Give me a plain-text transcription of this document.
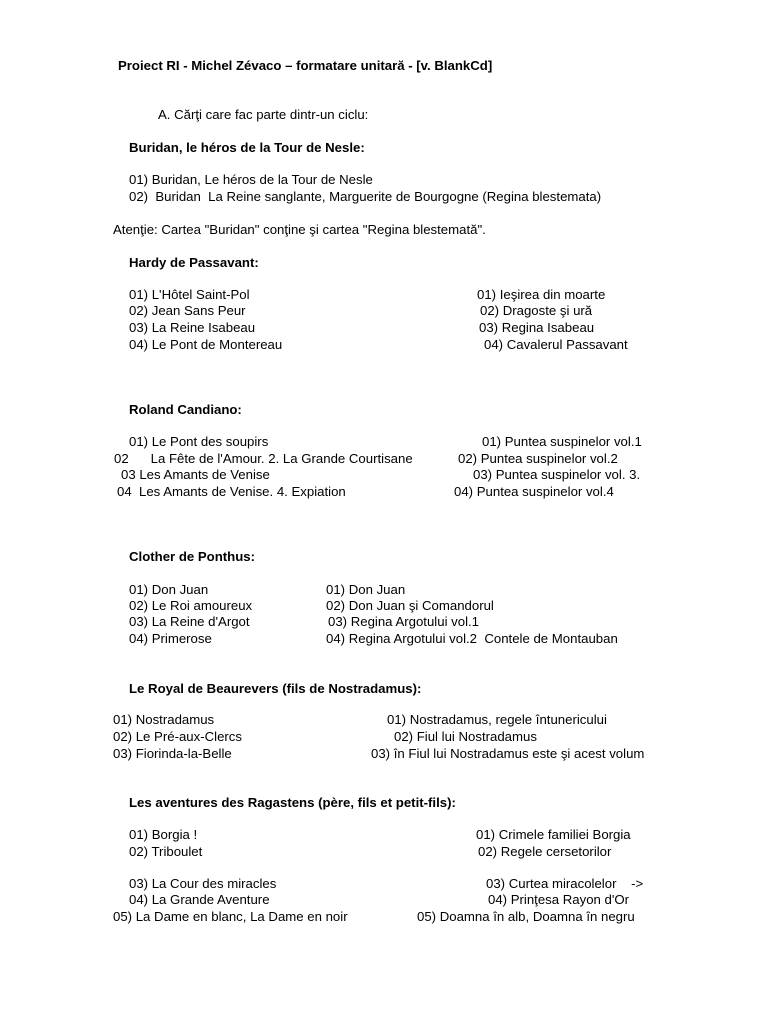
Proiect RI - Michel Zévaco – formatare unitară - [v. BlankCd]
A. Cărţi care fac parte dintr-un ciclu:
Buridan, le héros de la Tour de Nesle:
01) Buridan, Le héros de la Tour de Nesle
02)  Buridan  La Reine sanglante, Marguerite de Bourgogne (Regina blestemata)
Atenţie: Cartea "Buridan" conţine şi cartea "Regina blestemată".
Hardy de Passavant:
01) L'Hôtel Saint-Pol
02) Jean Sans Peur
03) La Reine Isabeau
04) Le Pont de Montereau
01) Ieşirea din moarte
02) Dragoste şi ură
03) Regina Isabeau
04) Cavalerul Passavant
Roland Candiano:
01) Le Pont des soupirs
02      La Fête de l'Amour. 2. La Grande Courtisane
03 Les Amants de Venise
04  Les Amants de Venise. 4. Expiation
01) Puntea suspinelor vol.1
02) Puntea suspinelor vol.2
03) Puntea suspinelor vol. 3.
04) Puntea suspinelor vol.4
Clother de Ponthus:
01) Don Juan
02) Le Roi amoureux
03) La Reine d'Argot
04) Primerose
01) Don Juan
02) Don Juan şi Comandorul
03) Regina Argotului vol.1
04) Regina Argotului vol.2  Contele de Montauban
Le Royal de Beaurevers (fils de Nostradamus):
01) Nostradamus
02) Le Pré-aux-Clercs
03) Fiorinda-la-Belle
01) Nostradamus, regele întunericului
02) Fiul lui Nostradamus
03) în Fiul lui Nostradamus este şi acest volum
Les aventures des Ragastens (père, fils et petit-fils):
01) Borgia !
02) Triboulet
03) La Cour des miracles
04) La Grande Aventure
05) La Dame en blanc, La Dame en noir
01) Crimele familiei Borgia
02) Regele cersetorilor
03) Curtea miracolelor    ->
04) Prinţesa Rayon d'Or
05) Doamna în alb, Doamna în negru
